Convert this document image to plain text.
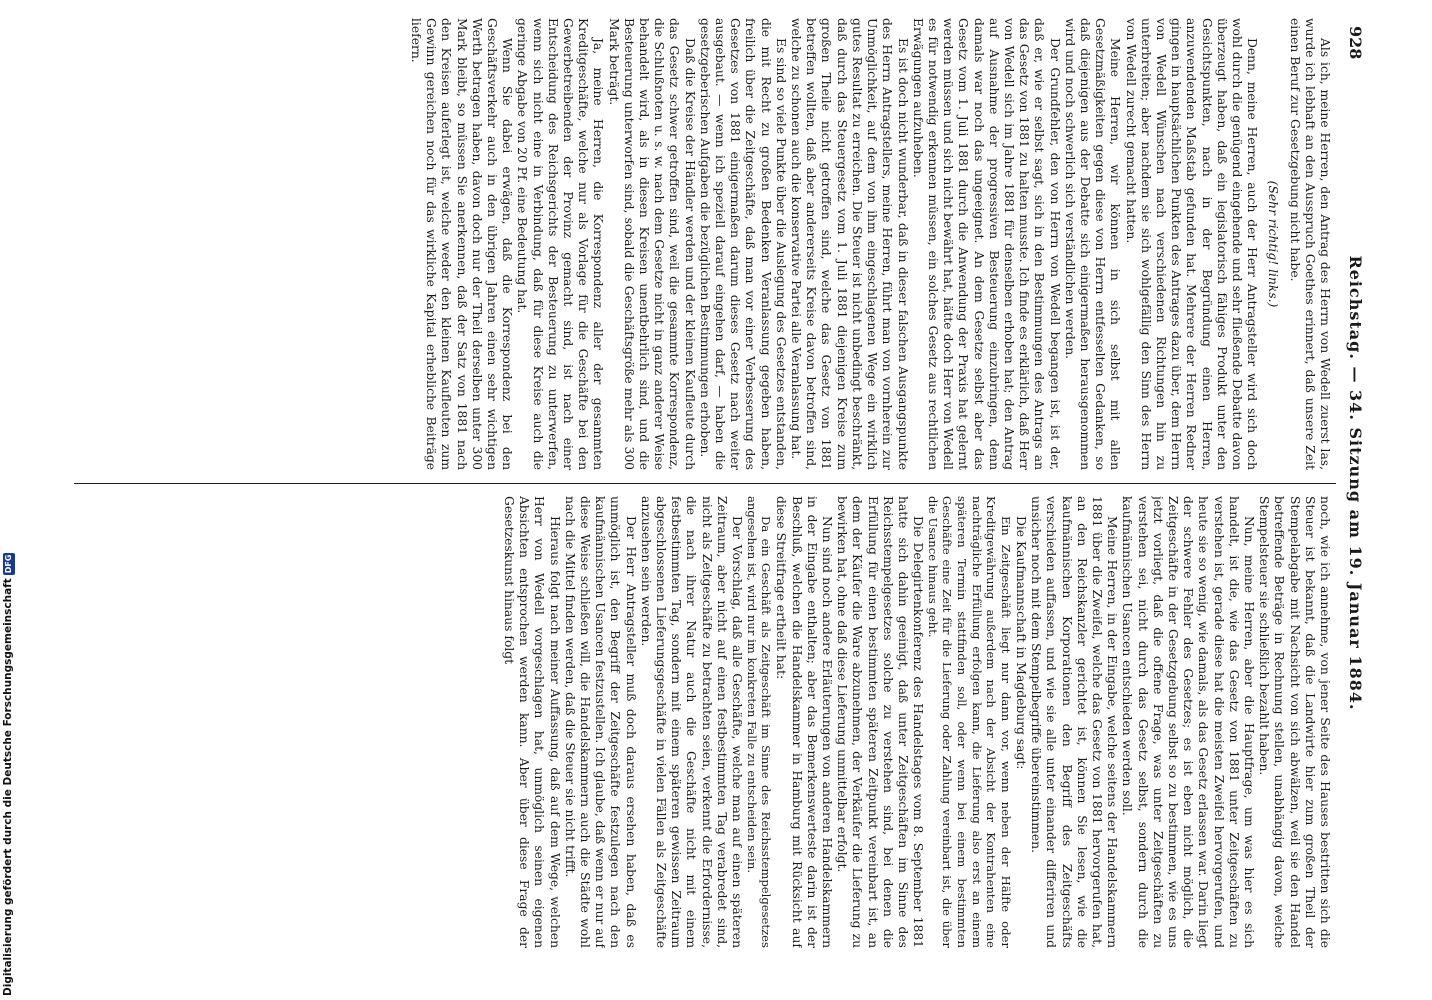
928
Reichstag. — 34. Sitzung am 19. Januar 1884.

Als ich, meine Herren, den Antrag des Herrn von Wedell zuerst las, wurde ich lebhaft an den Ausspruch Goethes erinnert, daß unsere Zeit einen Beruf zur Gesetzgebung nicht habe.

(Sehr richtig! links.)

Denn, meine Herren, auch der Herr Antragsteller wird sich doch wohl durch die genügend eingehende und sehr fließende Debatte davon überzeugt haben, daß ein legislatorisch fähiges Produkt unter den Gesichtspunkten, nach in der Begründung einen Herren, anzuwendenden Maßstab gefunden hat. Mehrere der Herren Redner gingen in hauptsächlichen Punkten des Antrages dazu über, dem Herrn von Wedell Wünschen nach verschiedenen Richtungen hin zu unterbreiten; aber nachdem sie sich wohlgefällig den Sinn des Herrn von Wedell zurecht gemacht hatten.

Meine Herren, wir können in sich selbst mit allen Gesetzmäßigkeiten gegen diese von Herrn entfesselten Gedanken, so daß diejenigen aus der Debatte sich einigermaßen herausgenommen wird und noch schwerlich sich verständlichen werden.

Der Grundfehler, den von Herrn von Wedell begangen ist, ist der, daß er, wie er selbst sagt, sich in den Bestimmungen des Antrags an das Gesetz von 1881 zu halten musste. Ich finde es erklärlich, daß Herr von Wedell sich im Jahre 1881 für denselben erhoben hat; den Antrag auf Ausnahme der progressiven Besteuerung einzubringen, denn damals war noch das ungeeignet. An dem Gesetze selbst aber das Gesetz vom 1. Juli 1881 durch die Anwendung der Praxis hat gelernt werden müssen und sich nicht bewährt hat, hätte doch Herr von Wedell es für notwendig erkennen müssen, ein solches Gesetz aus rechtlichen Erwägungen aufzuheben.

Es ist doch nicht wunderbar, daß in dieser falschen Ausgangspunkte des Herrn Antragstellers, meine Herren, führt man von vornherein zur Unmöglichkeit, auf dem von ihm eingeschlagenen Wege ein wirklich gutes Resultat zu erreichen. Die Steuer ist nicht unbedingt beschränkt, daß durch das Steuergesetz vom 1. Juli 1881 diejenigen Kreise zum großen Theile nicht getroffen sind, welche das Gesetz von 1881 betreffen wollten, daß aber andererseits Kreise davon betroffen sind, welche zu schonen auch die konservative Partei alle Veranlassung hat.

Es sind so viele Punkte über die Auslegung des Gesetzes entstanden, die mit Recht zu großen Bedenken Veranlassung gegeben haben, freilich über die Zeitgeschäfte, daß man vor einer Verbesserung des Gesetzes von 1881 einigermaßen darum dieses Gesetz nach weiter ausgebaut. — wenn ich speziell darauf eingehen darf, — haben die gesetzgeberischen Aufgaben die bezüglichen Bestimmungen erhoben.

Daß die Kreise der Händler werden und der kleinen Kaufleute durch das Gesetz schwer getroffen sind, weil die gesammte Korrespondenz, die Schlußnoten u. s. w. nach dem Gesetze nicht in ganz anderer Weise behandelt wird, als in diesen Kreisen unentbehrlich sind, und die Besteuerung unterworfen sind, sobald die Geschäftsgröße mehr als 300 Mark beträgt.

Ja, meine Herren, die Korrespondenz aller der gesammten Kreditgeschäfte, welche nur als Vorlage für die Geschäfte bei den Gewerbetreibenden der Provinz gemacht sind, ist nach einer Entscheidung des Reichsgerichts der Besteuerung zu unterwerfen, wenn sich nicht eine in Verbindung, daß für diese Kreise auch die geringe Abgabe von 20 Pf. eine Bedeutung hat.

Wenn Sie dabei erwägen, daß die Korrespondenz bei den Geschäftsverkehr auch in den übrigen Jahren einen sehr wichtigen Werth betragen haben, davon doch nur der Theil derselben unter 300 Mark bleibt, so müssen Sie anerkennen, daß der Satz von 1881 nach den Kreisen auferlegt ist, welche weder den kleinen Kaufleuten zum Gewinn gereichen noch für das wirkliche Kapital erhebliche Beiträge liefern.

noch, wie ich annehme, von jener Seite des Hauses bestritten sich die Steuer ist bekannt, daß die Landwirte hier zum großen Theil der Stempelabgabe mit Nachsicht von sich abwälzen, weil sie den Handel betreffende Beträge in Rechnung stellen, unabhängig davon, welche Stempelsteuer sie schließlich bezahlt haben.

Nun, meine Herren, aber die Hauptfrage, um was hier es sich handelt, ist die, wie das Gesetz von 1881 unter Zeitgeschäften zu verstehen ist, gerade diese hat die meisten Zweifel hervorgerufen, und heute sie so wenig, wie damals, als das Gesetz erlassen war. Darin liegt der schwere Fehler des Gesetzes; es ist eben nicht möglich, die Zeitgeschäfte in der Gesetzgebung selbst so zu bestimmen, wie es uns jetzt vorliegt, daß die offene Frage, was unter Zeitgeschäften zu verstehen sei, nicht durch das Gesetz selbst, sondern durch die kaufmännischen Usancen entschieden werden soll.

Meine Herren, in der Eingabe, welche seitens der Handelskammern 1881 über die Zweifel, welche das Gesetz von 1881 hervorgerufen hat, an den Reichskanzler gerichtet ist, können Sie lesen, wie die kaufmännischen Korporationen den Begriff des Zeitgeschäfts verschieden auffassen, und wie sie alle unter einander differiren und unsicher noch mit dem Stempelbegriffe übereinstimmen.

Die Kaufmannschaft in Magdeburg sagt:

Ein Zeitgeschäft liegt nur dann vor, wenn neben der Hälfte oder Kreditgewährung außerdem nach der Absicht der Kontrahenten eine nachträgliche Erfüllung erfolgen kann, die Lieferung also erst an einem späteren Termin stattfinden soll, oder wenn bei einem bestimmten Geschäfte eine Zeit für die Lieferung oder Zahlung vereinbart ist, die über die Usance hinaus geht.

Die Delegirtenkonferenz des Handelstages vom 8. September 1881 hatte sich dahin geeinigt, daß unter Zeitgeschäften im Sinne des Reichsstempelgesetzes solche zu verstehen sind, bei denen die Erfüllung für einen bestimmten späteren Zeitpunkt vereinbart ist, an dem der Käufer die Ware abzunehmen, der Verkäufer die Lieferung zu bewirken hat, ohne daß diese Lieferung unmittelbar erfolgt.

Nun sind noch andere Erläuterungen von anderen Handelskammern in der Eingabe enthalten; aber das Bemerkenswerteste darin ist der Beschluß, welchen die Handelskammer in Hamburg mit Rücksicht auf diese Streitfrage ertheilt hat:

Da ein Geschäft als Zeitgeschäft im Sinne des Reichsstempelgesetzes angesehen ist, wird nur im konkreten Falle zu entscheiden sein.

Der Vorschlag, daß alle Geschäfte, welche man auf einen späteren Zeitraum, aber nicht auf einen festbestimmten Tag verabredet sind, nicht als Zeitgeschäfte zu betrachten seien, verkennt die Erfordernisse, die nach ihrer Natur auch die Geschäfte nicht mit einem festbestimmten Tag, sondern mit einem späteren gewissen Zeitraum abgeschlossenen Lieferungsgeschäfte in vielen Fällen als Zeitgeschäfte anzusehen sein werden.

Der Herr Antragsteller muß doch daraus ersehen haben, daß es unmöglich ist, den Begriff der Zeitgeschäfte festzulegen nach den kaufmännischen Usancen festzustellen. Ich glaube, daß wenn er nur auf diese Weise schließen will, die Handelskammern auch die Städte wohl nach die Mittel finden werden, daß die Steuer sie nicht trifft.

Hieraus folgt nach meiner Auffassung, daß auf dem Wege, welchen Herr von Wedell vorgeschlagen hat, unmöglich seinen eigenen Absichten entsprochen werden kann. Aber über diese Frage der Gesetzeskunst hinaus folgt

Digitalisierung gefördert durch die Deutsche ForschungsgemeinschaftDFG
